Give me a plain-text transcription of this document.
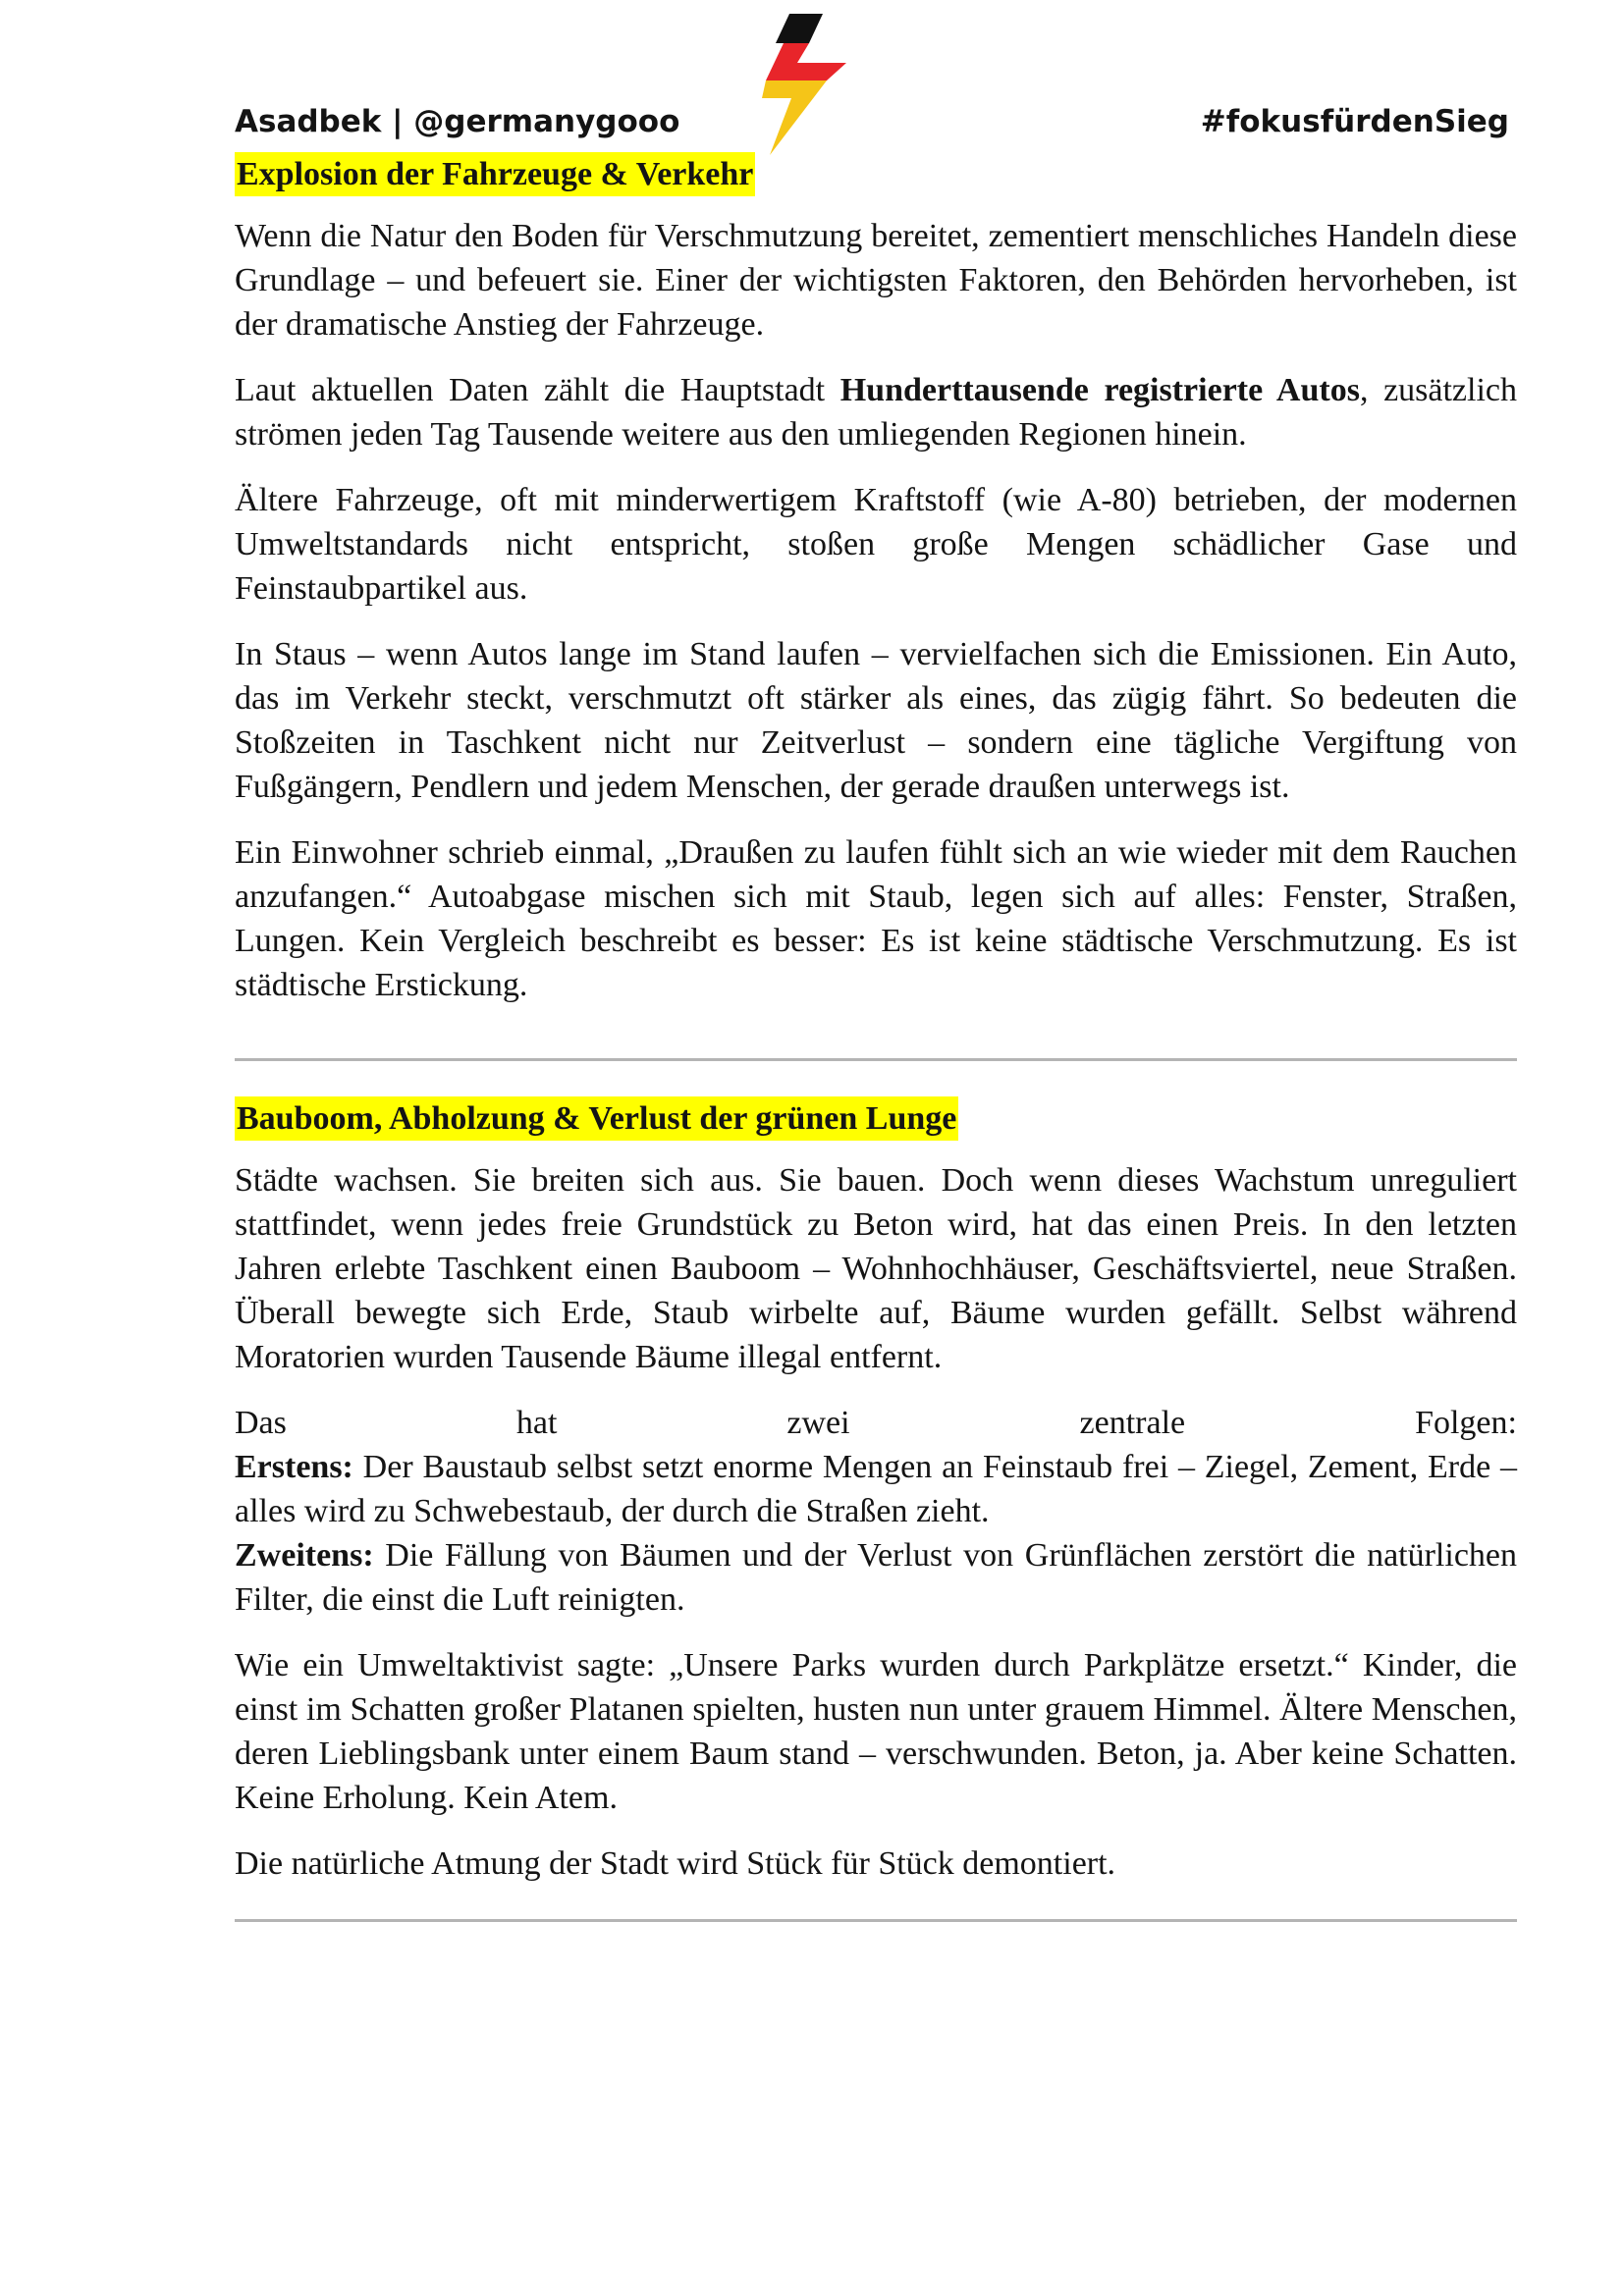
Asadbek | @germanygooo	#fokusfürdenSieg
Explosion der Fahrzeuge & Verkehr

Wenn die Natur den Boden für Verschmutzung bereitet, zementiert menschliches Handeln diese Grundlage – und befeuert sie. Einer der wichtigsten Faktoren, den Behörden hervorheben, ist der dramatische Anstieg der Fahrzeuge.

Laut aktuellen Daten zählt die Hauptstadt Hunderttausende registrierte Autos, zusätzlich strömen jeden Tag Tausende weitere aus den umliegenden Regionen hinein.

Ältere Fahrzeuge, oft mit minderwertigem Kraftstoff (wie A-80) betrieben, der modernen Umweltstandards nicht entspricht, stoßen große Mengen schädlicher Gase und Feinstaubpartikel aus.

In Staus – wenn Autos lange im Stand laufen – vervielfachen sich die Emissionen. Ein Auto, das im Verkehr steckt, verschmutzt oft stärker als eines, das zügig fährt. So bedeuten die Stoßzeiten in Taschkent nicht nur Zeitverlust – sondern eine tägliche Vergiftung von Fußgängern, Pendlern und jedem Menschen, der gerade draußen unterwegs ist.

Ein Einwohner schrieb einmal, „Draußen zu laufen fühlt sich an wie wieder mit dem Rauchen anzufangen.“ Autoabgase mischen sich mit Staub, legen sich auf alles: Fenster, Straßen, Lungen. Kein Vergleich beschreibt es besser: Es ist keine städtische Verschmutzung. Es ist städtische Erstickung.

Bauboom, Abholzung & Verlust der grünen Lunge

Städte wachsen. Sie breiten sich aus. Sie bauen. Doch wenn dieses Wachstum unreguliert stattfindet, wenn jedes freie Grundstück zu Beton wird, hat das einen Preis. In den letzten Jahren erlebte Taschkent einen Bauboom – Wohnhochhäuser, Geschäftsviertel, neue Straßen. Überall bewegte sich Erde, Staub wirbelte auf, Bäume wurden gefällt. Selbst während Moratorien wurden Tausende Bäume illegal entfernt.

Das	hat	zwei	zentrale	Folgen:
Erstens: Der Baustaub selbst setzt enorme Mengen an Feinstaub frei – Ziegel, Zement, Erde – alles wird zu Schwebestaub, der durch die Straßen zieht.
Zweitens: Die Fällung von Bäumen und der Verlust von Grünflächen zerstört die natürlichen Filter, die einst die Luft reinigten.

Wie ein Umweltaktivist sagte: „Unsere Parks wurden durch Parkplätze ersetzt.“ Kinder, die einst im Schatten großer Platanen spielten, husten nun unter grauem Himmel. Ältere Menschen, deren Lieblingsbank unter einem Baum stand – verschwunden. Beton, ja. Aber keine Schatten. Keine Erholung. Kein Atem.

Die natürliche Atmung der Stadt wird Stück für Stück demontiert.
